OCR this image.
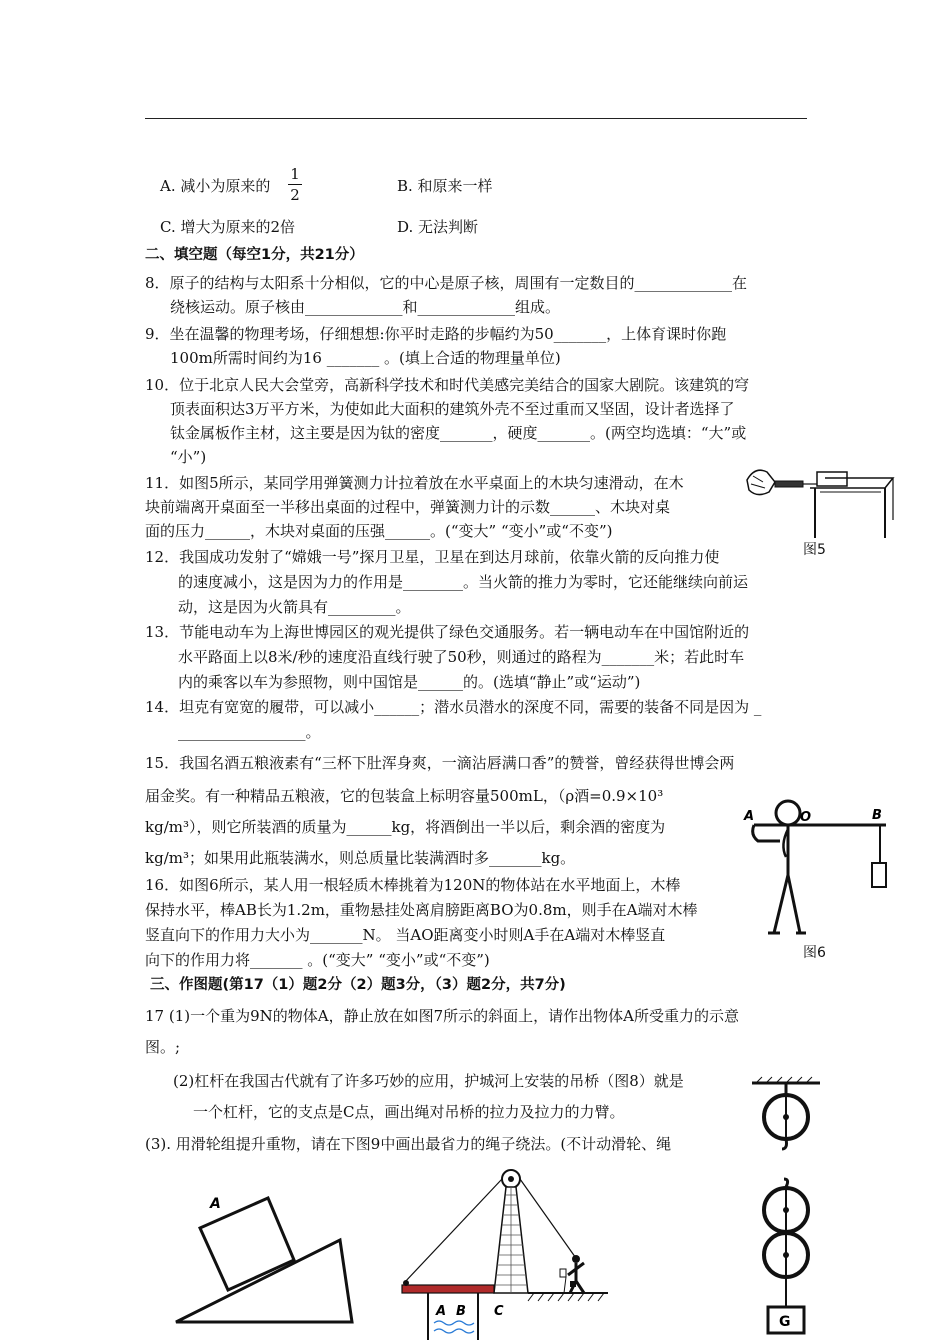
A. 减小为原来的
1
2	B. 和原来一样
C. 增大为原来的2倍	D. 无法判断
二、填空题（每空1分，共21分）
8．原子的结构与太阳系十分相似，它的中心是原子核，周围有一定数目的_____________在
绕核运动。原子核由_____________和_____________组成。
9．坐在温馨的物理考场，仔细想想:你平时走路的步幅约为50_______，上体育课时你跑
100m所需时间约为16 _______ 。(填上合适的物理量单位)
10．位于北京人民大会堂旁，高新科学技术和时代美感完美结合的国家大剧院。该建筑的穹
顶表面积达3万平方米，为使如此大面积的建筑外壳不至过重而又坚固，设计者选择了
钛金属板作主材，这主要是因为钛的密度_______，硬度_______。(两空均选填：“大”或
“小”)
11．如图5所示，某同学用弹簧测力计拉着放在水平桌面上的木块匀速滑动，在木
块前端离开桌面至一半移出桌面的过程中，弹簧测力计的示数______、木块对桌
面的压力______，木块对桌面的压强______。(“变大” “变小”或“不变”)
12．我国成功发射了“嫦娥一号”探月卫星，卫星在到达月球前，依靠火箭的反向推力使
的速度减小，这是因为力的作用是________。当火箭的推力为零时，它还能继续向前运
动，这是因为火箭具有_________。
13．节能电动车为上海世博园区的观光提供了绿色交通服务。若一辆电动车在中国馆附近的
水平路面上以8米/秒的速度沿直线行驶了50秒，则通过的路程为_______米；若此时车
内的乘客以车为参照物，则中国馆是______的。(选填“静止”或“运动”)
14．坦克有宽宽的履带，可以减小______；潜水员潜水的深度不同，需要的装备不同是因为 _
_________________。
15．我国名酒五粮液素有“三杯下肚浑身爽，一滴沾唇满口香”的赞誉，曾经获得世博会两
届金奖。有一种精品五粮液，它的包装盒上标明容量500mL，（ρ酒=0.9×10³
kg/m³），则它所装酒的质量为______kg，将酒倒出一半以后，剩余酒的密度为
kg/m³；如果用此瓶装满水，则总质量比装满酒时多_______kg。
16．如图6所示，某人用一根轻质木棒挑着为120N的物体站在水平地面上，木棒
保持水平，棒AB长为1.2m，重物悬挂处离肩膀距离BO为0.8m，则手在A端对木棒
竖直向下的作用力大小为_______N。 当AO距离变小时则A手在A端对木棒竖直
向下的作用力将_______ 。(“变大” “变小”或“不变”)
三、作图题(第17（1）题2分（2）题3分，（3）题2分，共7分)
17 (1)一个重为9N的物体A，静止放在如图7所示的斜面上，请作出物体A所受重力的示意
图。;
(2)杠杆在我国古代就有了许多巧妙的应用，护城河上安装的吊桥（图8）就是
一个杠杆，它的支点是C点，画出绳对吊桥的拉力及拉力的力臂。
(3). 用滑轮组提升重物，请在下图9中画出最省力的绳子绕法。(不计动滑轮、绳
图5
A	O	B
图6
A
A B C
G
